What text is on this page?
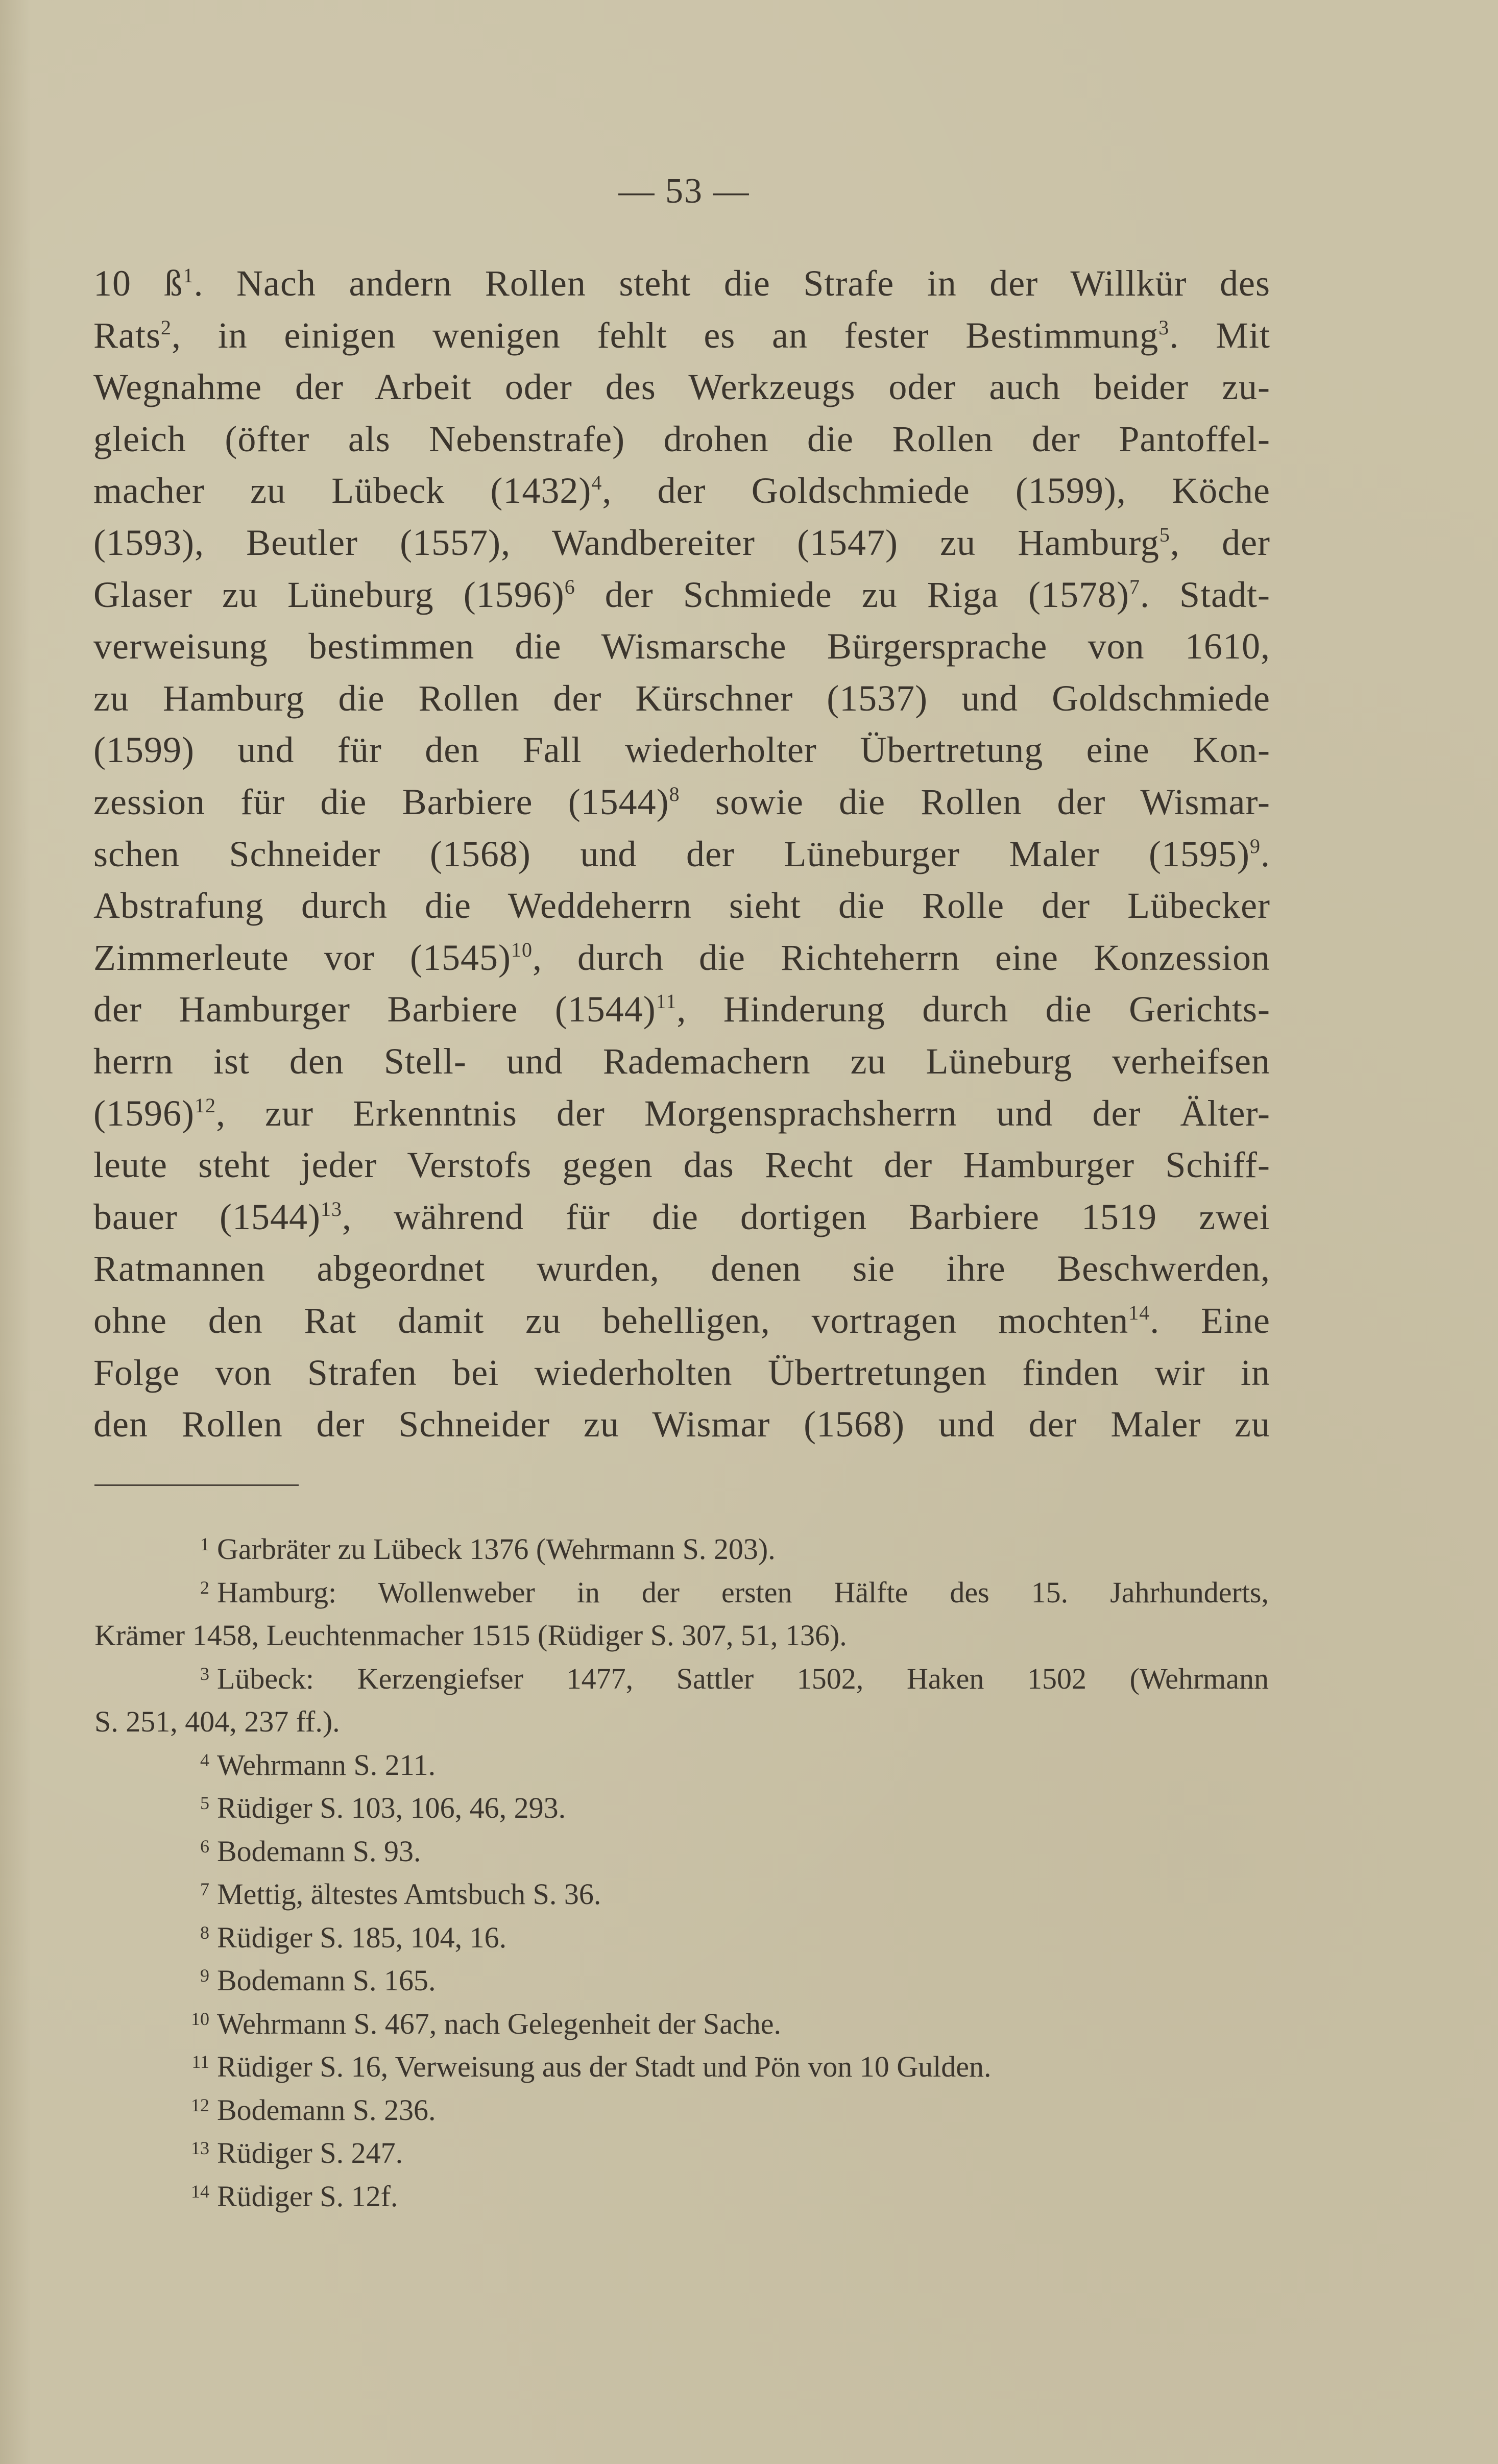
— 53 —
10 $ß^1$. Nach andern Rollen steht die Strafe in der Willkür des
Rats$^2$, in einigen wenigen fehlt es an fester Bestimmung$^3$. Mit
Wegnahme der Arbeit oder des Werkzeugs oder auch beider zu-
gleich (öfter als Nebenstrafe) drohen die Rollen der Pantoffel-
macher zu Lübeck $(1432)^4$, der Goldschmiede (1599), Köche
(1593), Beutler (1557), Wandbereiter (1547) zu Hamburg$^5$, der
Glaser zu Lüneburg $(1596)^6$ der Schmiede zu Riga $(1578)^7$. Stadt-
verweisung bestimmen die Wismarsche Bürgersprache von 1610,
zu Hamburg die Rollen der Kürschner (1537) und Goldschmiede
(1599) und für den Fall wiederholter Übertretung eine Kon-
zession für die Barbiere $(1544)^8$ sowie die Rollen der Wismar-
schen Schneider (1568) und der Lüneburger Maler $(1595)^9$.
Abstrafung durch die Weddeherrn sieht die Rolle der Lübecker
Zimmerleute vor $(1545)^{10}$, durch die Richteherrn eine Konzession
der Hamburger Barbiere $(1544)^{11}$, Hinderung durch die Gerichts-
herrn ist den Stell- und Rademachern zu Lüneburg verheifsen
$(1596)^{12}$, zur Erkenntnis der Morgensprachsherrn und der Älter-
leute steht jeder Verstofs gegen das Recht der Hamburger Schiff-
bauer $(1544)^{13}$, während für die dortigen Barbiere 1519 zwei
Ratmannen abgeordnet wurden, denen sie ihre Beschwerden,
ohne den Rat damit zu behelligen, vortragen mochten$^{14}$. Eine
Folge von Strafen bei wiederholten Übertretungen finden wir in
den Rollen der Schneider zu Wismar (1568) und der Maler zu
1 Garbräter zu Lübeck 1376 (Wehrmann S. 203).
2 Hamburg: Wollenweber in der ersten Hälfte des 15. Jahrhunderts,
Krämer 1458, Leuchtenmacher 1515 (Rüdiger S. 307, 51, 136).
3 Lübeck: Kerzengiefser 1477, Sattler 1502, Haken 1502 (Wehrmann
S. 251, 404, 237 ff.).
4 Wehrmann S. 211.
5 Rüdiger S. 103, 106, 46, 293.
6 Bodemann S. 93.
7 Mettig, ältestes Amtsbuch S. 36.
8 Rüdiger S. 185, 104, 16.
9 Bodemann S. 165.
10 Wehrmann S. 467, nach Gelegenheit der Sache.
11 Rüdiger S. 16, Verweisung aus der Stadt und Pön von 10 Gulden.
12 Bodemann S. 236.
13 Rüdiger S. 247.
14 Rüdiger S. 12f.
